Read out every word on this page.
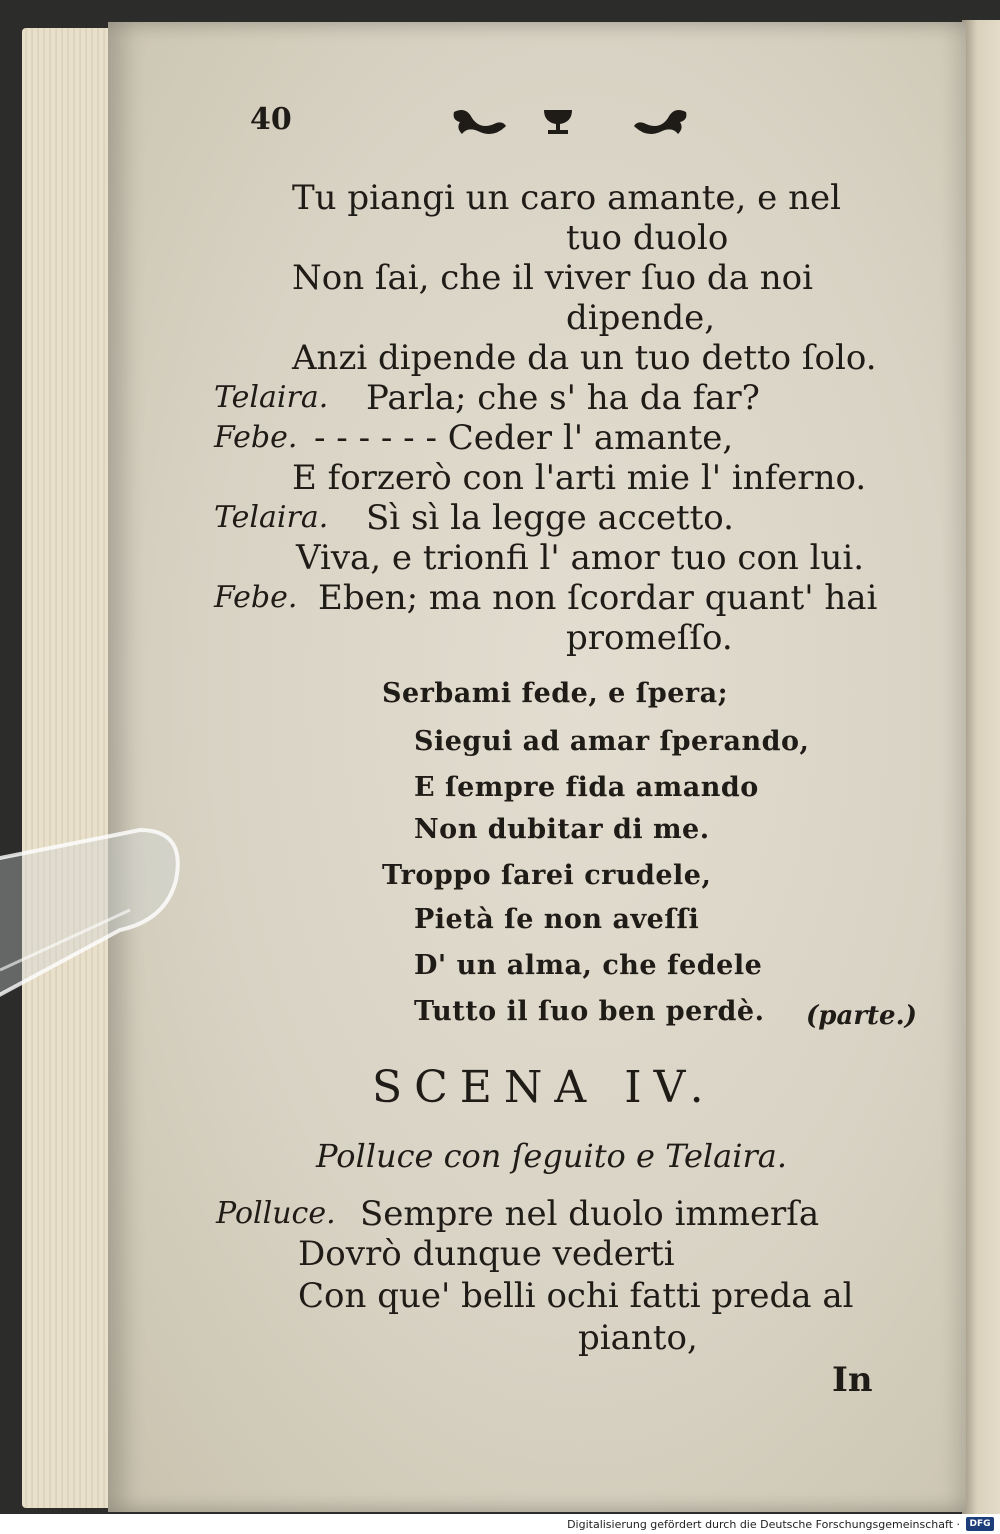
40
Tu piangi un caro amante, e nel
tuo duolo
Non ſai, che il viver ſuo da noi
dipende,
Anzi dipende da un tuo detto ſolo.
Telaira. Parla; che s' ha da far?
Febe. - - - - - - Ceder l' amante,
E forzerò con l'arti mie l' inferno.
Telaira. Sì sì la legge accetto.
Viva, e trionfi l' amor tuo con lui.
Febe. Eben; ma non ſcordar quant' hai
promeſſo.
Serbami fede, e ſpera;
Siegui ad amar ſperando,
E ſempre fida amando
Non dubitar di me.
Troppo ſarei crudele,
Pietà ſe non aveſſi
D' un alma, che fedele
Tutto il ſuo ben perdè. (parte.)
SCENA IV.
Polluce con ſeguito e Telaira.
Polluce. Sempre nel duolo immerſa
Dovrò dunque vederti
Con que' belli ochi fatti preda al
pianto,
In
Digitalisierung gefördert durch die Deutsche Forschungsgemeinschaft ·	DFG
